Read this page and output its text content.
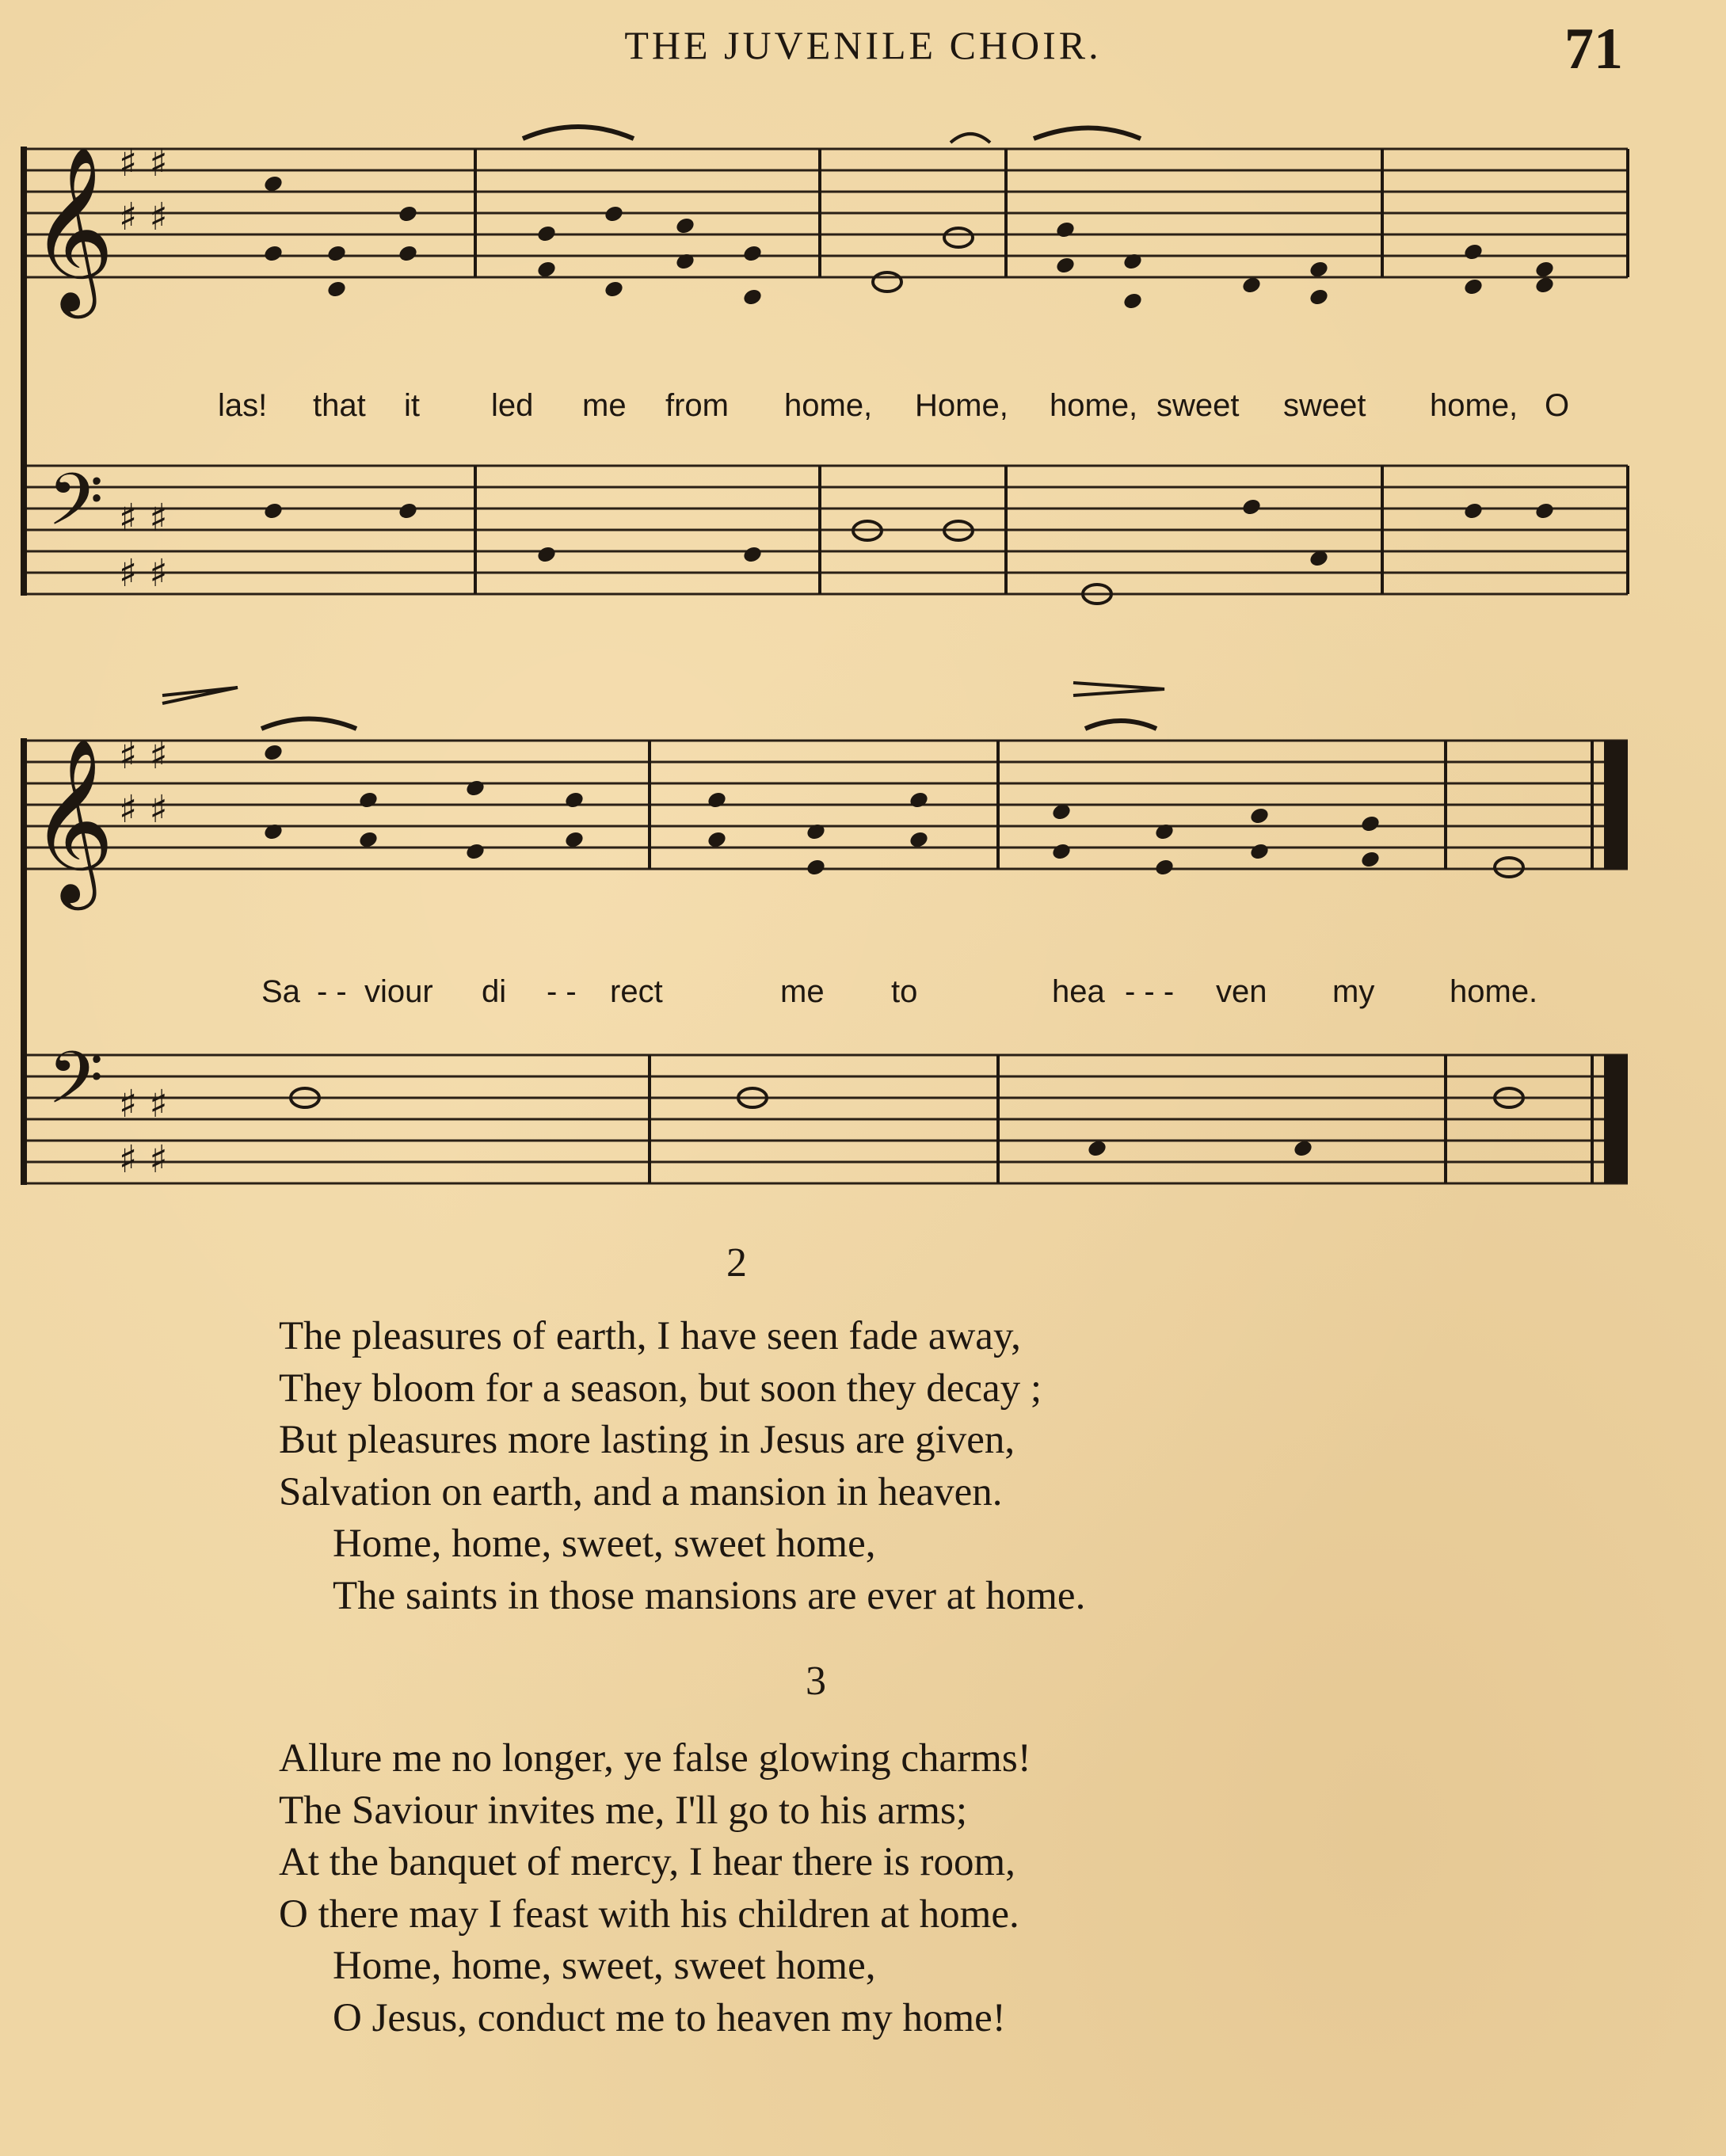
THE JUVENILE CHOIR.	71
𝄞 ♯ ♯
♯ ♯
las! that it led me from home, Home, home, sweet sweet home, O
𝄢 ♯ ♯
♯ ♯
𝄞 ♯ ♯
♯ ♯
Sa - - viour di - - rect	me to	hea - - - ven my home.
𝄢 ♯ ♯
♯ ♯
2
The pleasures of earth, I have seen fade away,
They bloom for a season, but soon they decay ;
But pleasures more lasting in Jesus are given,
Salvation on earth, and a mansion in heaven.
Home, home, sweet, sweet home,
The saints in those mansions are ever at home.
3
Allure me no longer, ye false glowing charms!
The Saviour invites me, I'll go to his arms;
At the banquet of mercy, I hear there is room,
O there may I feast with his children at home.
Home, home, sweet, sweet home,
O Jesus, conduct me to heaven my home!
